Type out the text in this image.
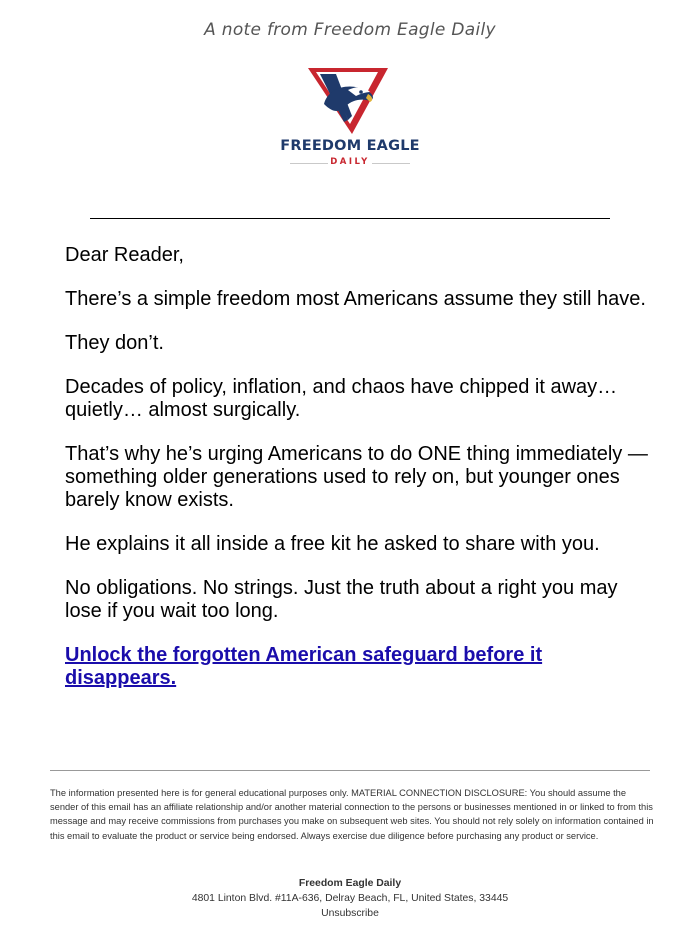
A note from Freedom Eagle Daily
FREEDOM EAGLE
DAILY

Dear Reader,

There’s a simple freedom most Americans assume they still have.

They don’t.

Decades of policy, inflation, and chaos have chipped it away… quietly… almost surgically.

That’s why he’s urging Americans to do ONE thing immediately — something older generations used to rely on, but younger ones barely know exists.

He explains it all inside a free kit he asked to share with you.

No obligations. No strings. Just the truth about a right you may lose if you wait too long.

Unlock the forgotten American safeguard before it disappears.

The information presented here is for general educational purposes only. MATERIAL CONNECTION DISCLOSURE: You should assume the sender of this email has an affiliate relationship and/or another material connection to the persons or businesses mentioned in or linked to from this message and may receive commissions from purchases you make on subsequent web sites. You should not rely solely on information contained in this email to evaluate the product or service being endorsed. Always exercise due diligence before purchasing any product or service.
Freedom Eagle Daily
4801 Linton Blvd. #11A-636, Delray Beach, FL, United States, 33445
Unsubscribe
